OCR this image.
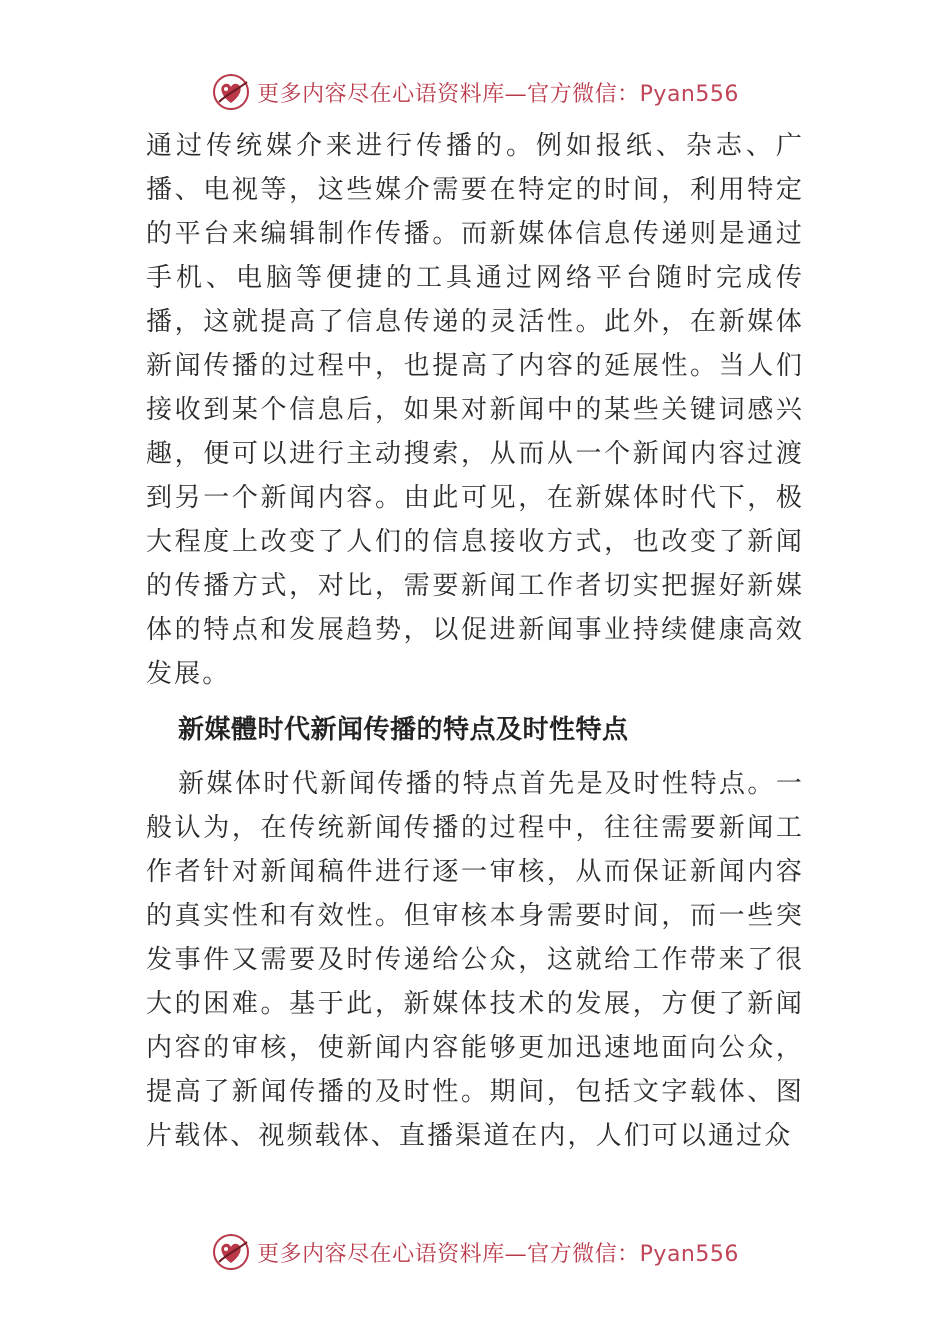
更多内容尽在心语资料库—官方微信：Pyan556

通过传统媒介来进行传播的。例如报纸、杂志、广播、电视等，这些媒介需要在特定的时间，利用特定的平台来编辑制作传播。而新媒体信息传递则是通过手机、电脑等便捷的工具通过网络平台随时完成传播，这就提高了信息传递的灵活性。此外，在新媒体新闻传播的过程中，也提高了内容的延展性。当人们接收到某个信息后，如果对新闻中的某些关键词感兴趣，便可以进行主动搜索，从而从一个新闻内容过渡到另一个新闻内容。由此可见，在新媒体时代下，极大程度上改变了人们的信息接收方式，也改变了新闻的传播方式，对比，需要新闻工作者切实把握好新媒体的特点和发展趋势，以促进新闻事业持续健康高效发展。

新媒體时代新闻传播的特点及时性特点

新媒体时代新闻传播的特点首先是及时性特点。一般认为，在传统新闻传播的过程中，往往需要新闻工作者针对新闻稿件进行逐一审核，从而保证新闻内容的真实性和有效性。但审核本身需要时间，而一些突发事件又需要及时传递给公众，这就给工作带来了很大的困难。基于此，新媒体技术的发展，方便了新闻内容的审核，使新闻内容能够更加迅速地面向公众，提高了新闻传播的及时性。期间，包括文字载体、图片载体、视频载体、直播渠道在内，人们可以通过众

更多内容尽在心语资料库—官方微信：Pyan556
